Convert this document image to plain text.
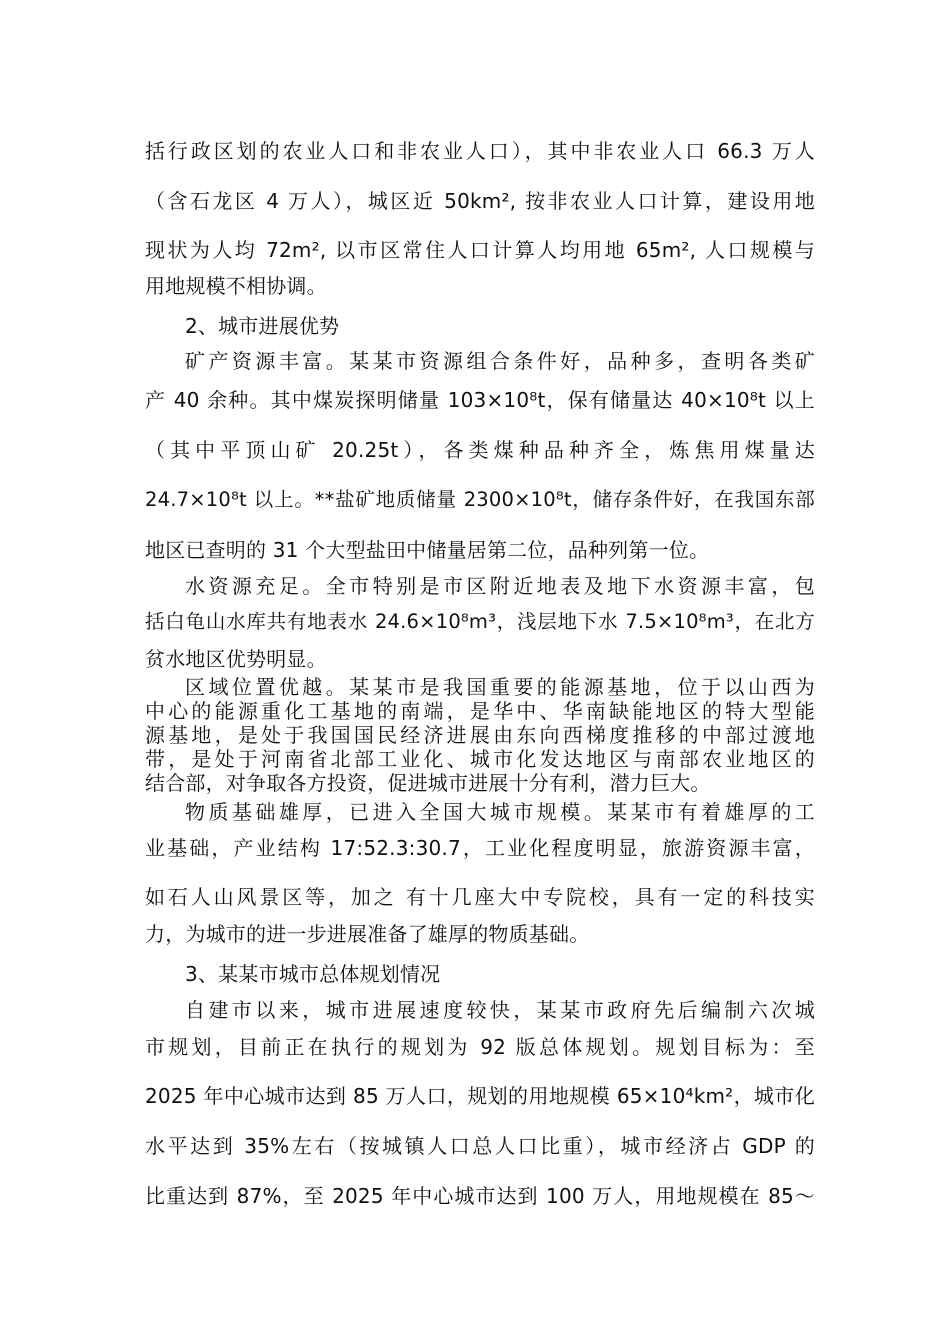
括行政区划的农业人口和非农业人口），其中非农业人口 66.3 万人
（含石龙区 4 万人），城区近 50km², 按非农业人口计算，建设用地
现状为人均 72m², 以市区常住人口计算人均用地 65m², 人口规模与
用地规模不相协调。
2、城市进展优势
矿产资源丰富。某某市资源组合条件好，品种多，查明各类矿
产 40 余种。其中煤炭探明储量 103×10⁸t，保有储量达 40×10⁸t 以上
（其中平顶山矿 20.25t），各类煤种品种齐全，炼焦用煤量达
24.7×10⁸t 以上。**盐矿地质储量 2300×10⁸t，储存条件好，在我国东部
地区已查明的 31 个大型盐田中储量居第二位，品种列第一位。
水资源充足。全市特别是市区附近地表及地下水资源丰富，包
括白龟山水库共有地表水 24.6×10⁸m³，浅层地下水 7.5×10⁸m³，在北方
贫水地区优势明显。
区域位置优越。某某市是我国重要的能源基地，位于以山西为
中心的能源重化工基地的南端，是华中、华南缺能地区的特大型能
源基地，是处于我国国民经济进展由东向西梯度推移的中部过渡地
带，是处于河南省北部工业化、城市化发达地区与南部农业地区的
结合部，对争取各方投资，促进城市进展十分有利，潜力巨大。
物质基础雄厚，已进入全国大城市规模。某某市有着雄厚的工
业基础，产业结构 17:52.3:30.7，工业化程度明显，旅游资源丰富，
如石人山风景区等，加之 有十几座大中专院校，具有一定的科技实
力，为城市的进一步进展准备了雄厚的物质基础。
3、某某市城市总体规划情况
自建市以来，城市进展速度较快，某某市政府先后编制六次城
市规划，目前正在执行的规划为 92 版总体规划。规划目标为：至
2025 年中心城市达到 85 万人口，规划的用地规模 65×10⁴km²，城市化
水平达到 35%左右（按城镇人口总人口比重），城市经济占 GDP 的
比重达到 87%，至 2025 年中心城市达到 100 万人，用地规模在 85～
